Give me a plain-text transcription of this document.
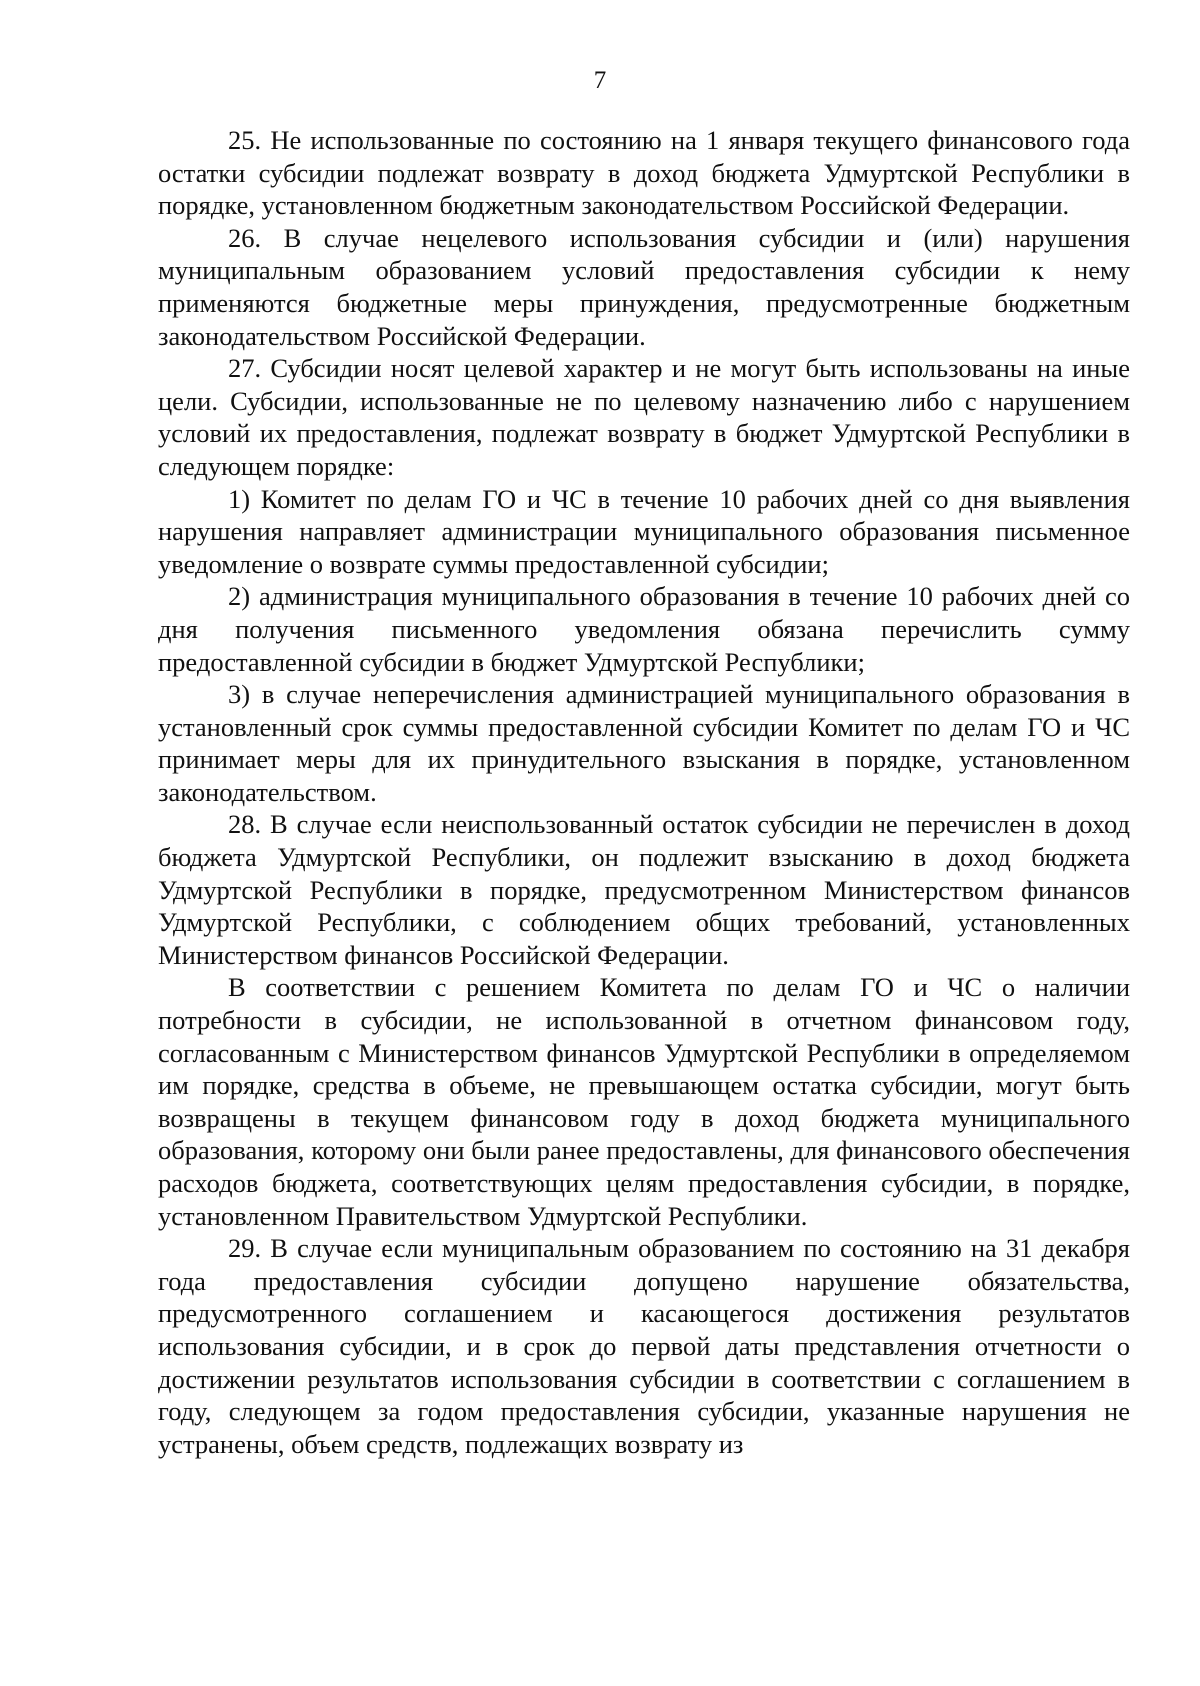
7

25. Не использованные по состоянию на 1 января текущего финансового года остатки субсидии подлежат возврату в доход бюджета Удмуртской Республики в порядке, установленном бюджетным законодательством Российской Федерации.

26. В случае нецелевого использования субсидии и (или) нарушения муниципальным образованием условий предоставления субсидии к нему применяются бюджетные меры принуждения, предусмотренные бюджетным законодательством Российской Федерации.

27. Субсидии носят целевой характер и не могут быть использованы на иные цели. Субсидии, использованные не по целевому назначению либо с нарушением условий их предоставления, подлежат возврату в бюджет Удмуртской Республики в следующем порядке:

1) Комитет по делам ГО и ЧС в течение 10 рабочих дней со дня выявления нарушения направляет администрации муниципального образования письменное уведомление о возврате суммы предоставленной субсидии;

2) администрация муниципального образования в течение 10 рабочих дней со дня получения письменного уведомления обязана перечислить сумму предоставленной субсидии в бюджет Удмуртской Республики;

3) в случае неперечисления администрацией муниципального образования в установленный срок суммы предоставленной субсидии Комитет по делам ГО и ЧС принимает меры для их принудительного взыскания в порядке, установленном законодательством.

28. В случае если неиспользованный остаток субсидии не перечислен в доход бюджета Удмуртской Республики, он подлежит взысканию в доход бюджета Удмуртской Республики в порядке, предусмотренном Министерством финансов Удмуртской Республики, с соблюдением общих требований, установленных Министерством финансов Российской Федерации.

В соответствии с решением Комитета по делам ГО и ЧС о наличии потребности в субсидии, не использованной в отчетном финансовом году, согласованным с Министерством финансов Удмуртской Республики в определяемом им порядке, средства в объеме, не превышающем остатка субсидии, могут быть возвращены в текущем финансовом году в доход бюджета муниципального образования, которому они были ранее предоставлены, для финансового обеспечения расходов бюджета, соответствующих целям предоставления субсидии, в порядке, установленном Правительством Удмуртской Республики.

29. В случае если муниципальным образованием по состоянию на 31 декабря года предоставления субсидии допущено нарушение обязательства, предусмотренного соглашением и касающегося достижения результатов использования субсидии, и в срок до первой даты представления отчетности о достижении результатов использования субсидии в соответствии с соглашением в году, следующем за годом предоставления субсидии, указанные нарушения не устранены, объем средств, подлежащих возврату из
